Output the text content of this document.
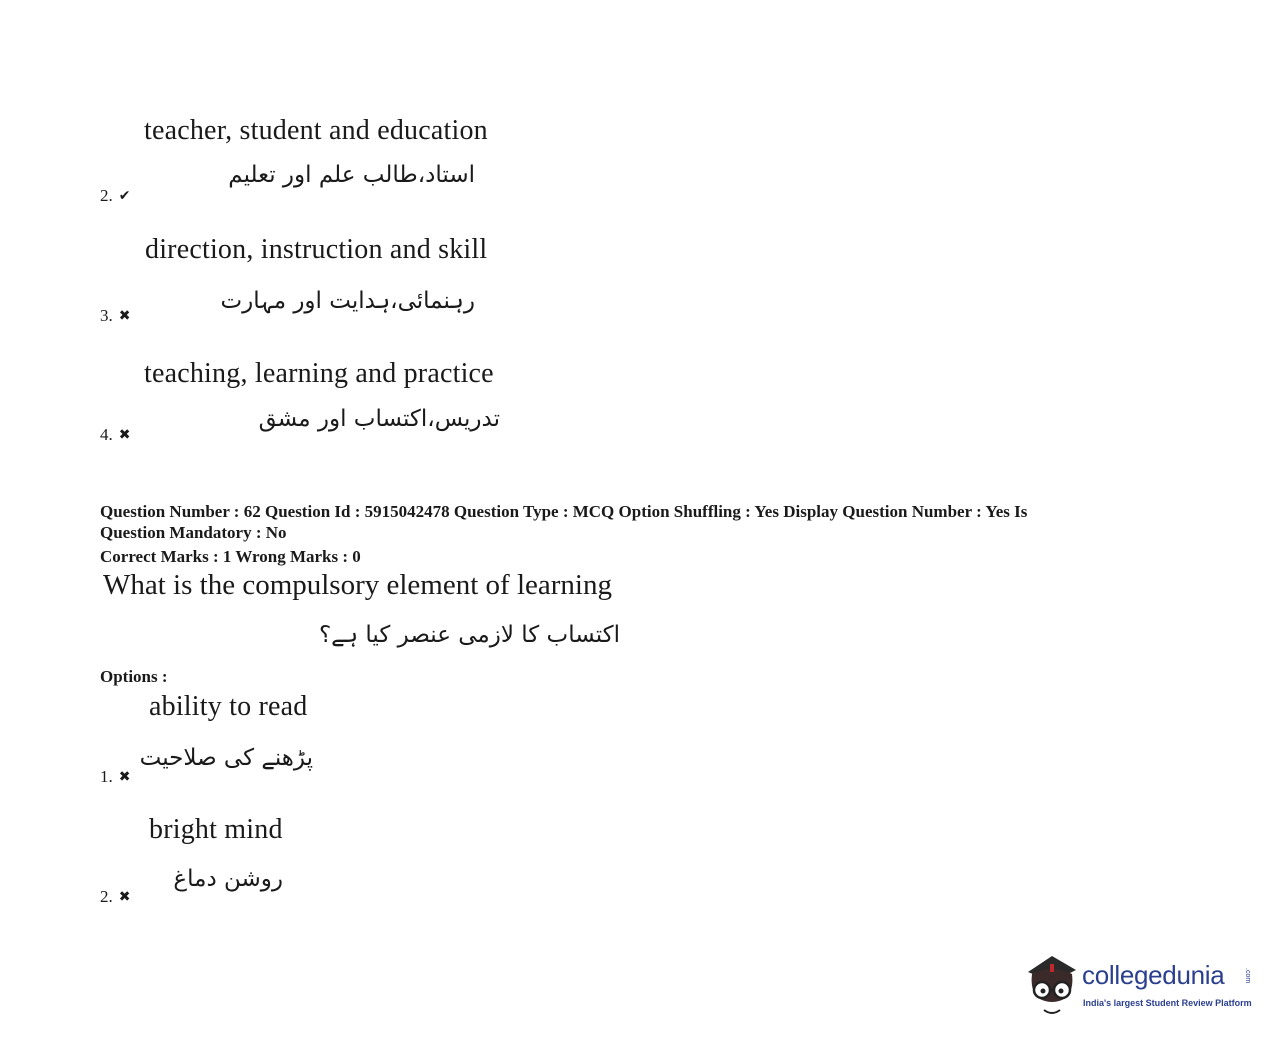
teacher, student and education
استاد،طالب علم اور تعلیم
2. ✔
direction, instruction and skill
رہنمائی،ہدایت اور مہارت
3. ✖
teaching, learning and practice
تدریس،اکتساب اور مشق
4. ✖
Question Number : 62 Question Id : 5915042478 Question Type : MCQ Option Shuffling : Yes Display Question Number : Yes Is
Question Mandatory : No
Correct Marks : 1 Wrong Marks : 0
What is the compulsory element of learning
اکتساب کا لازمی عنصر کیا ہے؟
Options :
ability to read
پڑھنے کی صلاحیت
1. ✖
bright mind
روشن دماغ
2. ✖
collegedunia	.com
India's largest Student Review Platform
